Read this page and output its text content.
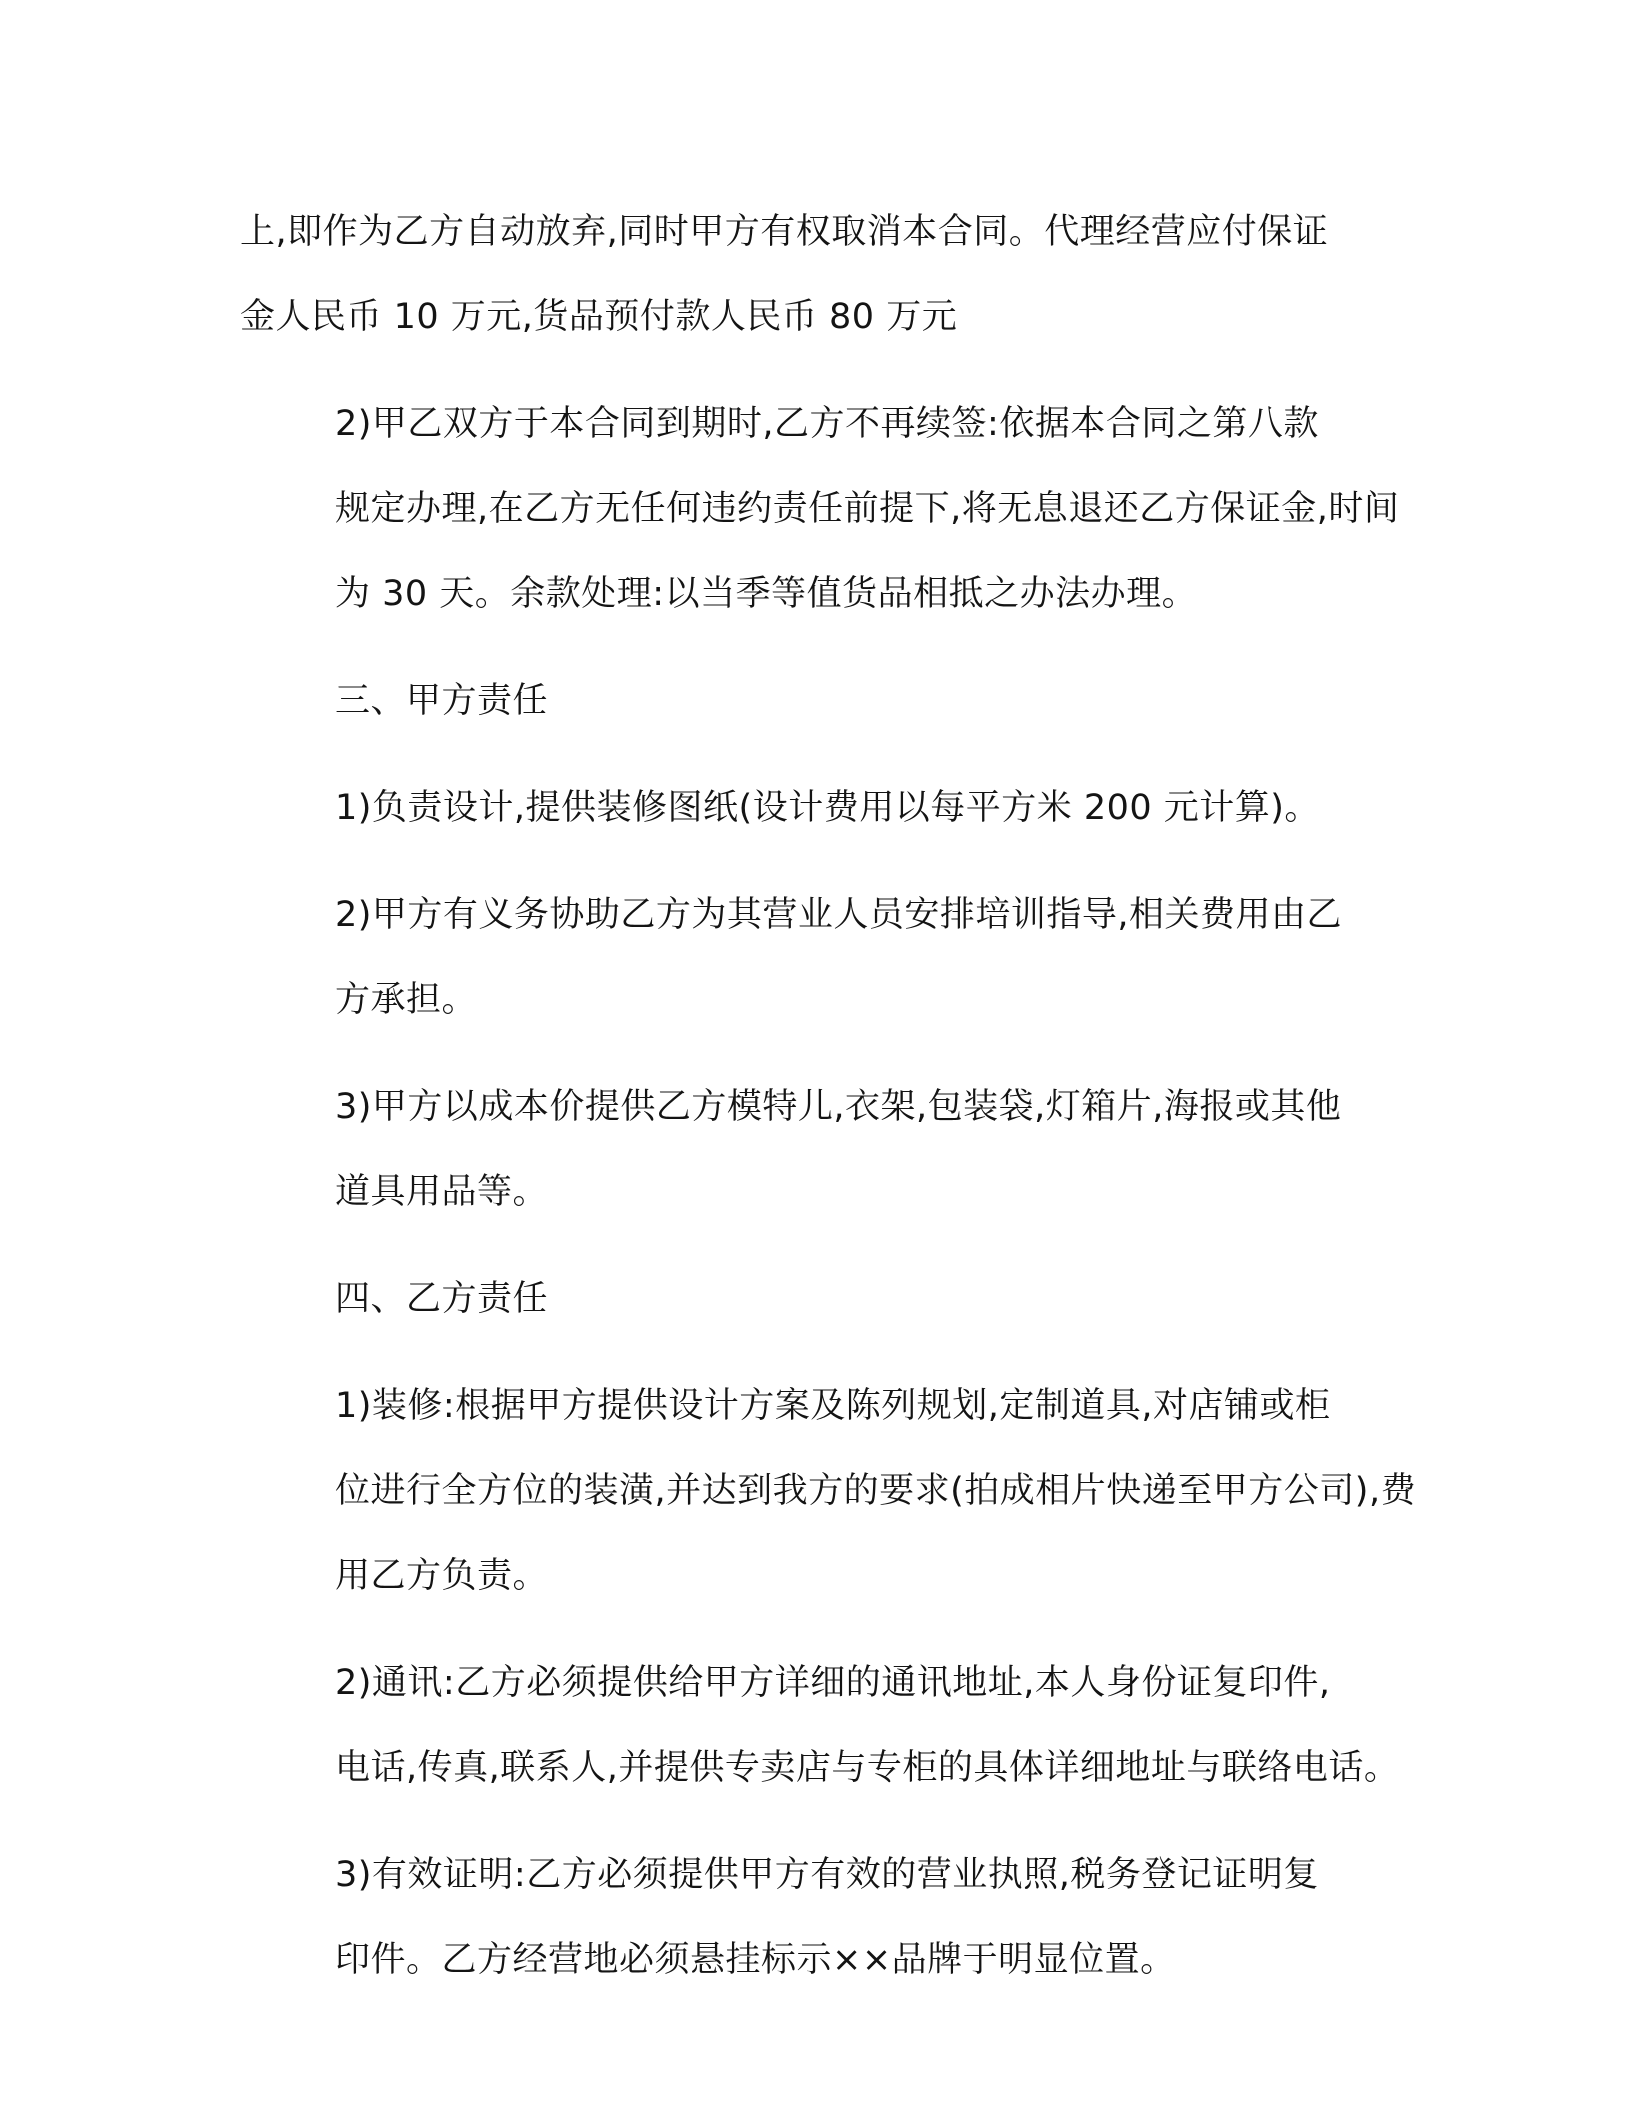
上,即作为乙方自动放弃,同时甲方有权取消本合同。代理经营应付保证
金人民币 10 万元,货品预付款人民币 80 万元

2)甲乙双方于本合同到期时,乙方不再续签:依据本合同之第八款
规定办理,在乙方无任何违约责任前提下,将无息退还乙方保证金,时间
为 30 天。余款处理:以当季等值货品相抵之办法办理。

三、甲方责任

1)负责设计,提供装修图纸(设计费用以每平方米 200 元计算)。

2)甲方有义务协助乙方为其营业人员安排培训指导,相关费用由乙
方承担。

3)甲方以成本价提供乙方模特儿,衣架,包装袋,灯箱片,海报或其他
道具用品等。

四、乙方责任

1)装修:根据甲方提供设计方案及陈列规划,定制道具,对店铺或柜
位进行全方位的装潢,并达到我方的要求(拍成相片快递至甲方公司),费
用乙方负责。

2)通讯:乙方必须提供给甲方详细的通讯地址,本人身份证复印件,
电话,传真,联系人,并提供专卖店与专柜的具体详细地址与联络电话。

3)有效证明:乙方必须提供甲方有效的营业执照,税务登记证明复
印件。乙方经营地必须悬挂标示××品牌于明显位置。
